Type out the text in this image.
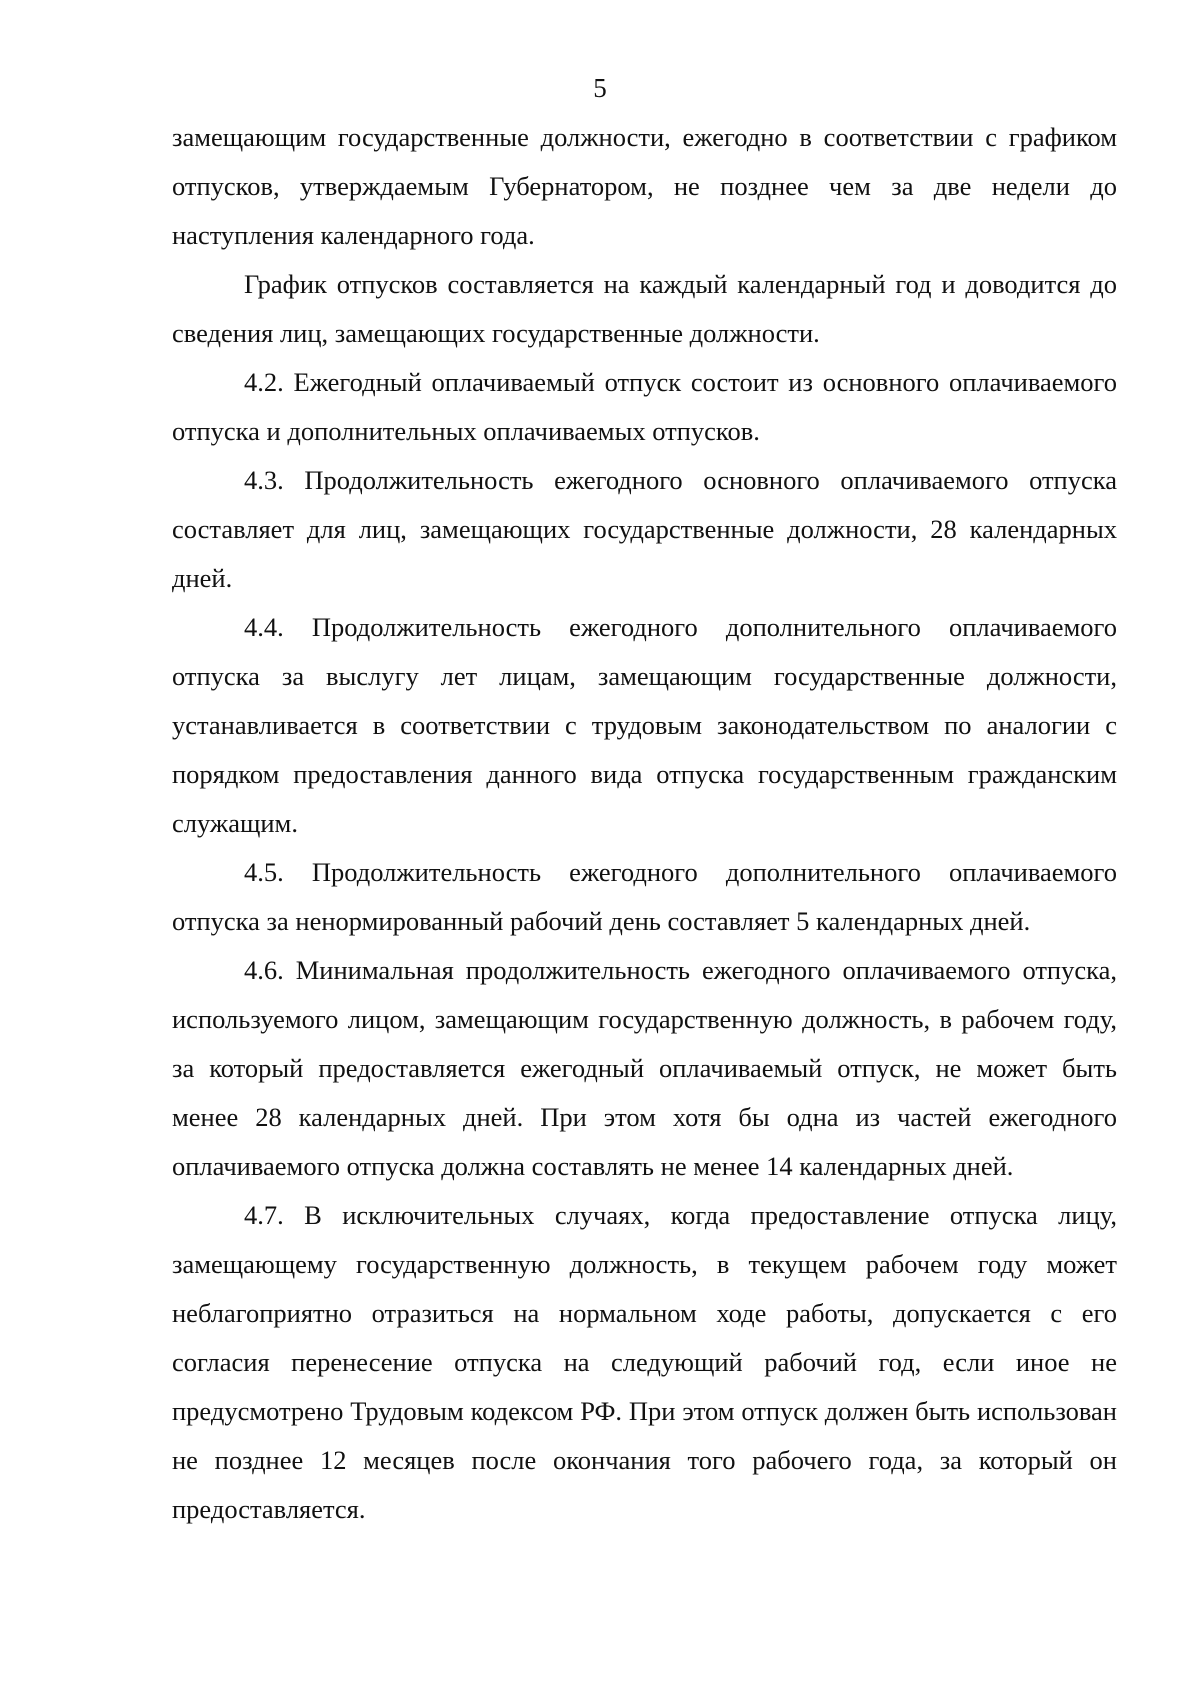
5

замещающим государственные должности, ежегодно в соответствии с графиком отпусков, утверждаемым Губернатором, не позднее чем за две недели до наступления календарного года.

График отпусков составляется на каждый календарный год и доводится до сведения лиц, замещающих государственные должности.

4.2. Ежегодный оплачиваемый отпуск состоит из основного оплачиваемого отпуска и дополнительных оплачиваемых отпусков.

4.3. Продолжительность ежегодного основного оплачиваемого отпуска составляет для лиц, замещающих государственные должности, 28 календарных дней.

4.4. Продолжительность ежегодного дополнительного оплачиваемого отпуска за выслугу лет лицам, замещающим государственные должности, устанавливается в соответствии с трудовым законодательством по аналогии с порядком предоставления данного вида отпуска государственным гражданским служащим.

4.5. Продолжительность ежегодного дополнительного оплачиваемого отпуска за ненормированный рабочий день составляет 5 календарных дней.

4.6. Минимальная продолжительность ежегодного оплачиваемого отпуска, используемого лицом, замещающим государственную должность, в рабочем году, за который предоставляется ежегодный оплачиваемый отпуск, не может быть менее 28 календарных дней. При этом хотя бы одна из частей ежегодного оплачиваемого отпуска должна составлять не менее 14 календарных дней.

4.7. В исключительных случаях, когда предоставление отпуска лицу, замещающему государственную должность, в текущем рабочем году может неблагоприятно отразиться на нормальном ходе работы, допускается с его согласия перенесение отпуска на следующий рабочий год, если иное не предусмотрено Трудовым кодексом РФ. При этом отпуск должен быть использован не позднее 12 месяцев после окончания того рабочего года, за который он предоставляется.
